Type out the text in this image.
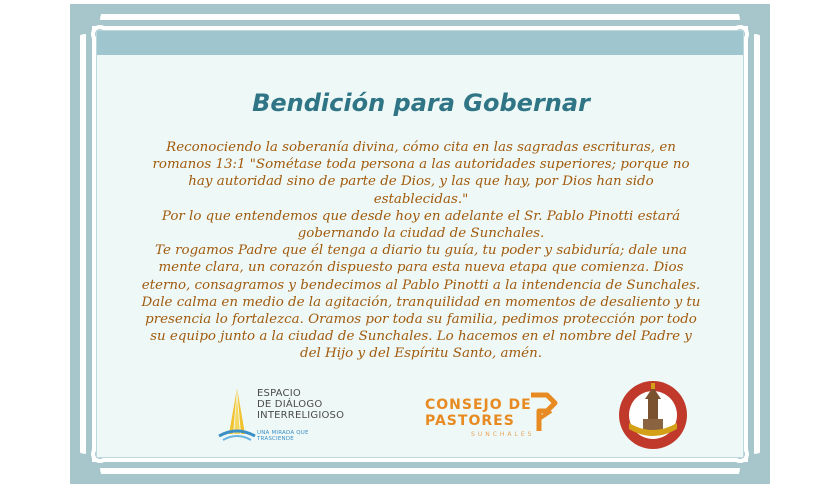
Bendición para Gobernar

Reconociendo la soberanía divina, cómo cita en las sagradas escrituras, en romanos 13:1 "Sométase toda persona a las autoridades superiores; porque no hay autoridad sino de parte de Dios, y las que hay, por Dios han sido establecidas."

Por lo que entendemos que desde hoy en adelante el Sr. Pablo Pinotti estará gobernando la ciudad de Sunchales.

Te rogamos Padre que él tenga a diario tu guía, tu poder y sabiduría; dale una mente clara, un corazón dispuesto para esta nueva etapa que comienza. Dios eterno, consagramos y bendecimos al Pablo Pinotti a la intendencia de Sunchales.

Dale calma en medio de la agitación, tranquilidad en momentos de desaliento y tu presencia lo fortalezca. Oramos por toda su familia, pedimos protección por todo su equipo junto a la ciudad de Sunchales. Lo hacemos en el nombre del Padre y del Hijo y del Espíritu Santo, amén.

ESPACIO
DE DIÁLOGO
INTERRELIGIOSO
UNA MIRADA QUE TRASCIENDE
CONSEJO DE
PASTORES
SUNCHALES
